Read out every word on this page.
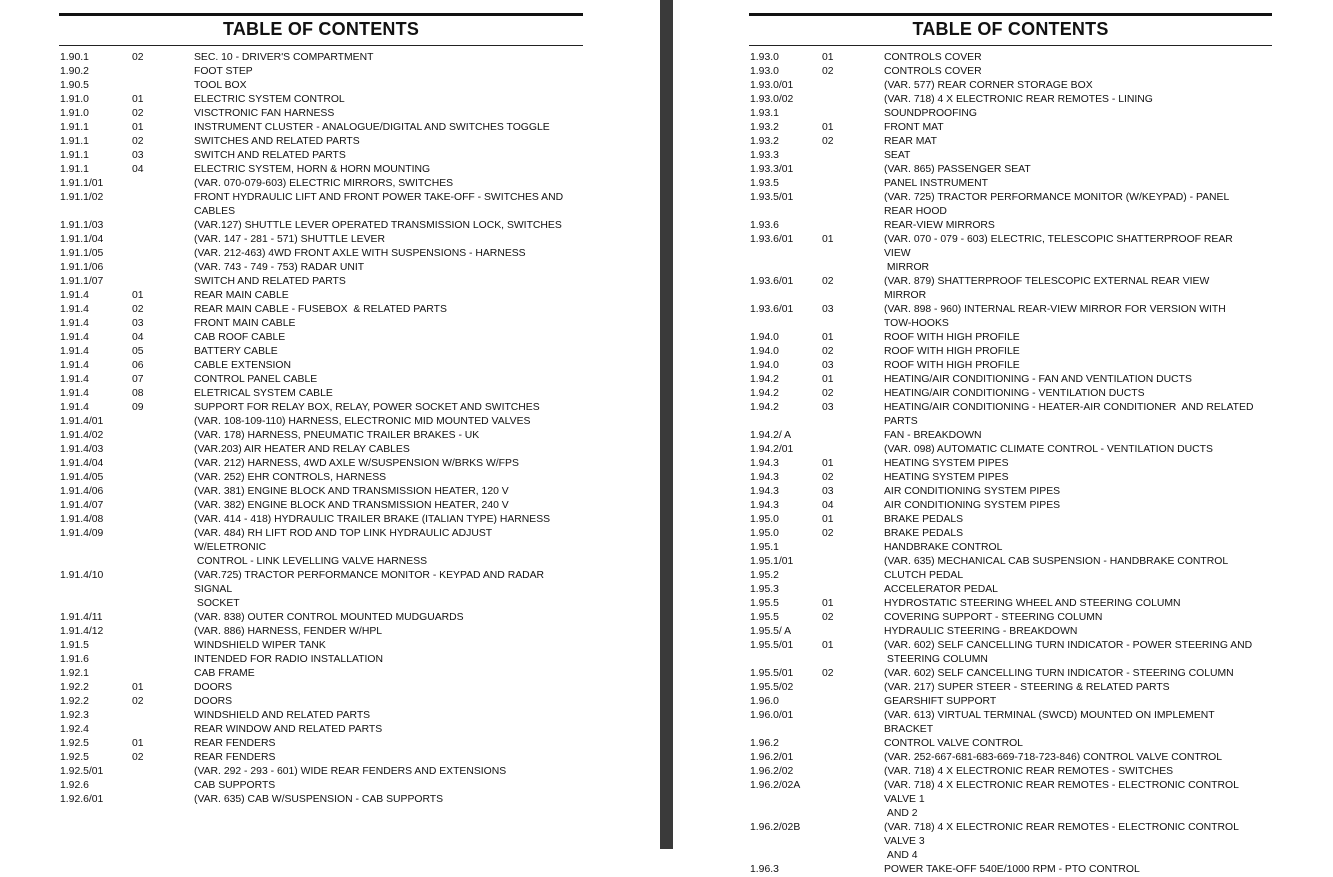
TABLE OF CONTENTS
1.90.1	02	SEC. 10 - DRIVER'S COMPARTMENT
1.90.2	FOOT STEP
1.90.5	TOOL BOX
1.91.0	01	ELECTRIC SYSTEM CONTROL
1.91.0	02	VISCTRONIC FAN HARNESS
1.91.1	01	INSTRUMENT CLUSTER - ANALOGUE/DIGITAL AND SWITCHES TOGGLE
1.91.1	02	SWITCHES AND RELATED PARTS
1.91.1	03	SWITCH AND RELATED PARTS
1.91.1	04	ELECTRIC SYSTEM, HORN & HORN MOUNTING
1.91.1/01	(VAR. 070-079-603) ELECTRIC MIRRORS, SWITCHES
1.91.1/02	FRONT HYDRAULIC LIFT AND FRONT POWER TAKE-OFF - SWITCHES AND CABLES
1.91.1/03	(VAR.127) SHUTTLE LEVER OPERATED TRANSMISSION LOCK, SWITCHES
1.91.1/04	(VAR. 147 - 281 - 571) SHUTTLE LEVER
1.91.1/05	(VAR. 212-463) 4WD FRONT AXLE WITH SUSPENSIONS - HARNESS
1.91.1/06	(VAR. 743 - 749 - 753) RADAR UNIT
1.91.1/07	SWITCH AND RELATED PARTS
1.91.4	01	REAR MAIN CABLE
1.91.4	02	REAR MAIN CABLE - FUSEBOX  & RELATED PARTS
1.91.4	03	FRONT MAIN CABLE
1.91.4	04	CAB ROOF CABLE
1.91.4	05	BATTERY CABLE
1.91.4	06	CABLE EXTENSION
1.91.4	07	CONTROL PANEL CABLE
1.91.4	08	ELETRICAL SYSTEM CABLE
1.91.4	09	SUPPORT FOR RELAY BOX, RELAY, POWER SOCKET AND SWITCHES
1.91.4/01	(VAR. 108-109-110) HARNESS, ELECTRONIC MID MOUNTED VALVES
1.91.4/02	(VAR. 178) HARNESS, PNEUMATIC TRAILER BRAKES - UK
1.91.4/03	(VAR.203) AIR HEATER AND RELAY CABLES
1.91.4/04	(VAR. 212) HARNESS, 4WD AXLE W/SUSPENSION W/BRKS W/FPS
1.91.4/05	(VAR. 252) EHR CONTROLS, HARNESS
1.91.4/06	(VAR. 381) ENGINE BLOCK AND TRANSMISSION HEATER, 120 V
1.91.4/07	(VAR. 382) ENGINE BLOCK AND TRANSMISSION HEATER, 240 V
1.91.4/08	(VAR. 414 - 418) HYDRAULIC TRAILER BRAKE (ITALIAN TYPE) HARNESS
1.91.4/09	(VAR. 484) RH LIFT ROD AND TOP LINK HYDRAULIC ADJUST W/ELETRONIC
CONTROL - LINK LEVELLING VALVE HARNESS
1.91.4/10	(VAR.725) TRACTOR PERFORMANCE MONITOR - KEYPAD AND RADAR SIGNAL
SOCKET
1.91.4/11	(VAR. 838) OUTER CONTROL MOUNTED MUDGUARDS
1.91.4/12	(VAR. 886) HARNESS, FENDER W/HPL
1.91.5	WINDSHIELD WIPER TANK
1.91.6	INTENDED FOR RADIO INSTALLATION
1.92.1	CAB FRAME
1.92.2	01	DOORS
1.92.2	02	DOORS
1.92.3	WINDSHIELD AND RELATED PARTS
1.92.4	REAR WINDOW AND RELATED PARTS
1.92.5	01	REAR FENDERS
1.92.5	02	REAR FENDERS
1.92.5/01	(VAR. 292 - 293 - 601) WIDE REAR FENDERS AND EXTENSIONS
1.92.6	CAB SUPPORTS
1.92.6/01	(VAR. 635) CAB W/SUSPENSION - CAB SUPPORTS
TABLE OF CONTENTS
1.93.0	01	CONTROLS COVER
1.93.0	02	CONTROLS COVER
1.93.0/01	(VAR. 577) REAR CORNER STORAGE BOX
1.93.0/02	(VAR. 718) 4 X ELECTRONIC REAR REMOTES - LINING
1.93.1	SOUNDPROOFING
1.93.2	01	FRONT MAT
1.93.2	02	REAR MAT
1.93.3	SEAT
1.93.3/01	(VAR. 865) PASSENGER SEAT
1.93.5	PANEL INSTRUMENT
1.93.5/01	(VAR. 725) TRACTOR PERFORMANCE MONITOR (W/KEYPAD) - PANEL REAR HOOD
1.93.6	REAR-VIEW MIRRORS
1.93.6/01	01	(VAR. 070 - 079 - 603) ELECTRIC, TELESCOPIC SHATTERPROOF REAR VIEW
MIRROR
1.93.6/01	02	(VAR. 879) SHATTERPROOF TELESCOPIC EXTERNAL REAR VIEW MIRROR
1.93.6/01	03	(VAR. 898 - 960) INTERNAL REAR-VIEW MIRROR FOR VERSION WITH TOW-HOOKS
1.94.0	01	ROOF WITH HIGH PROFILE
1.94.0	02	ROOF WITH HIGH PROFILE
1.94.0	03	ROOF WITH HIGH PROFILE
1.94.2	01	HEATING/AIR CONDITIONING - FAN AND VENTILATION DUCTS
1.94.2	02	HEATING/AIR CONDITIONING - VENTILATION DUCTS
1.94.2	03	HEATING/AIR CONDITIONING - HEATER-AIR CONDITIONER  AND RELATED PARTS
1.94.2/ A	FAN - BREAKDOWN
1.94.2/01	(VAR. 098) AUTOMATIC CLIMATE CONTROL - VENTILATION DUCTS
1.94.3	01	HEATING SYSTEM PIPES
1.94.3	02	HEATING SYSTEM PIPES
1.94.3	03	AIR CONDITIONING SYSTEM PIPES
1.94.3	04	AIR CONDITIONING SYSTEM PIPES
1.95.0	01	BRAKE PEDALS
1.95.0	02	BRAKE PEDALS
1.95.1	HANDBRAKE CONTROL
1.95.1/01	(VAR. 635) MECHANICAL CAB SUSPENSION - HANDBRAKE CONTROL
1.95.2	CLUTCH PEDAL
1.95.3	ACCELERATOR PEDAL
1.95.5	01	HYDROSTATIC STEERING WHEEL AND STEERING COLUMN
1.95.5	02	COVERING SUPPORT - STEERING COLUMN
1.95.5/ A	HYDRAULIC STEERING - BREAKDOWN
1.95.5/01	01	(VAR. 602) SELF CANCELLING TURN INDICATOR - POWER STEERING AND
STEERING COLUMN
1.95.5/01	02	(VAR. 602) SELF CANCELLING TURN INDICATOR - STEERING COLUMN
1.95.5/02	(VAR. 217) SUPER STEER - STEERING & RELATED PARTS
1.96.0	GEARSHIFT SUPPORT
1.96.0/01	(VAR. 613) VIRTUAL TERMINAL (SWCD) MOUNTED ON IMPLEMENT BRACKET
1.96.2	CONTROL VALVE CONTROL
1.96.2/01	(VAR. 252-667-681-683-669-718-723-846) CONTROL VALVE CONTROL
1.96.2/02	(VAR. 718) 4 X ELECTRONIC REAR REMOTES - SWITCHES
1.96.2/02A	(VAR. 718) 4 X ELECTRONIC REAR REMOTES - ELECTRONIC CONTROL VALVE 1
AND 2
1.96.2/02B	(VAR. 718) 4 X ELECTRONIC REAR REMOTES - ELECTRONIC CONTROL VALVE 3
AND 4
1.96.3	POWER TAKE-OFF 540E/1000 RPM - PTO CONTROL
